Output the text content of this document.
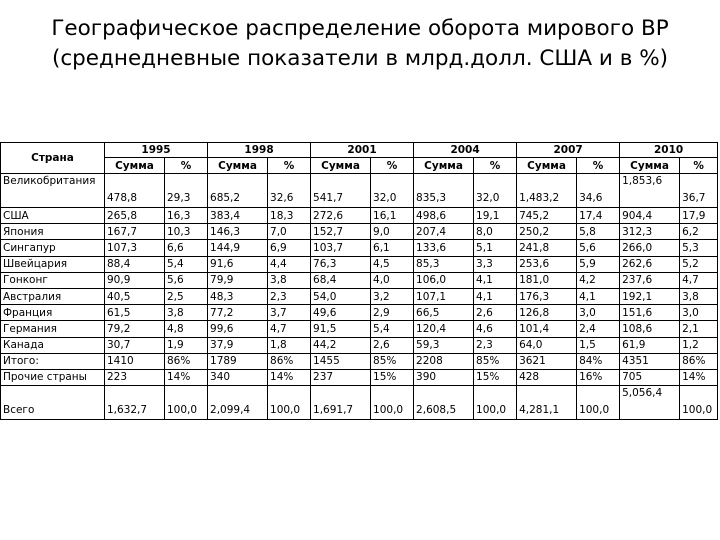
Географическое распределение оборота мирового ВР
(среднедневные показатели в млрд.долл. США и в %)
Страна	1995		1998		2001		2004		2007		2010	
	Сумма	%	Сумма	%	Сумма	%	Сумма	%	Сумма	%	Сумма	%
Великобритания	478,8	29,3	685,2	32,6	541,7	32,0	835,3	32,0	1,483,2	34,6	1,853,6	36,7
США	265,8	16,3	383,4	18,3	272,6	16,1	498,6	19,1	745,2	17,4	904,4	17,9
Япония	167,7	10,3	146,3	7,0	152,7	9,0	207,4	8,0	250,2	5,8	312,3	6,2
Сингапур	107,3	6,6	144,9	6,9	103,7	6,1	133,6	5,1	241,8	5,6	266,0	5,3
Швейцария	88,4	5,4	91,6	4,4	76,3	4,5	85,3	3,3	253,6	5,9	262,6	5,2
Гонконг	90,9	5,6	79,9	3,8	68,4	4,0	106,0	4,1	181,0	4,2	237,6	4,7
Австралия	40,5	2,5	48,3	2,3	54,0	3,2	107,1	4,1	176,3	4,1	192,1	3,8
Франция	61,5	3,8	77,2	3,7	49,6	2,9	66,5	2,6	126,8	3,0	151,6	3,0
Германия	79,2	4,8	99,6	4,7	91,5	5,4	120,4	4,6	101,4	2,4	108,6	2,1
Канада	30,7	1,9	37,9	1,8	44,2	2,6	59,3	2,3	64,0	1,5	61,9	1,2
Итого:	1410	86%	1789	86%	1455	85%	2208	85%	3621	84%	4351	86%
Прочие страны	223	14%	340	14%	237	15%	390	15%	428	16%	705	14%
Всего	1,632,7	100,0	2,099,4	100,0	1,691,7	100,0	2,608,5	100,0	4,281,1	100,0	5,056,4	100,0
